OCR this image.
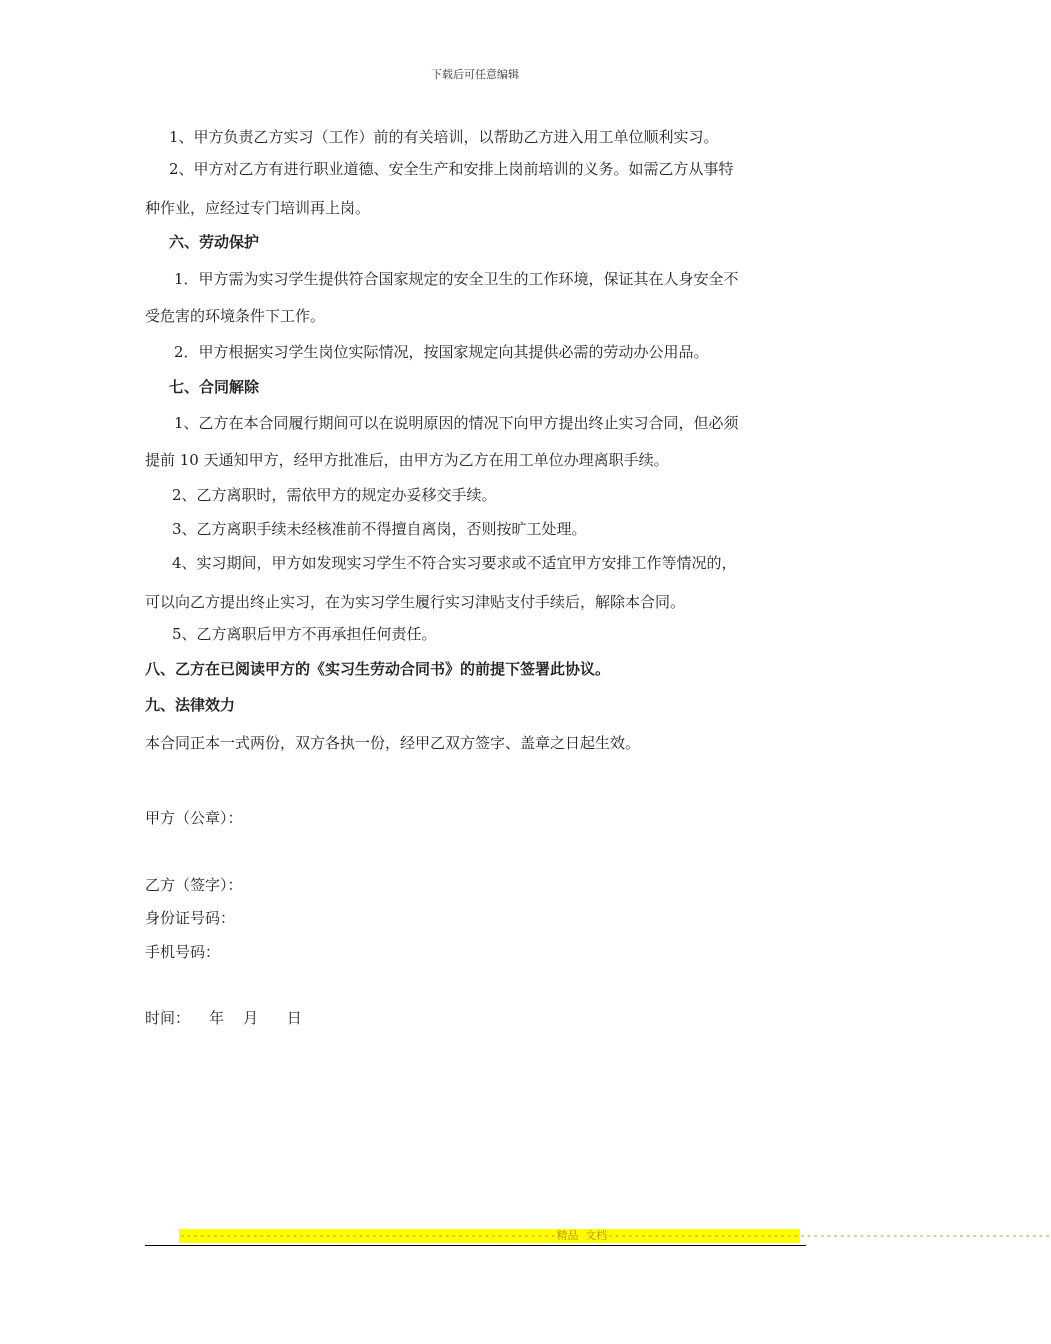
下载后可任意编辑
1、甲方负责乙方实习（工作）前的有关培训，以帮助乙方进入用工单位顺利实习。
2、甲方对乙方有进行职业道德、安全生产和安排上岗前培训的义务。如需乙方从事特
种作业，应经过专门培训再上岗。
六、劳动保护
1．甲方需为实习学生提供符合国家规定的安全卫生的工作环境，保证其在人身安全不
受危害的环境条件下工作。
2．甲方根据实习学生岗位实际情况，按国家规定向其提供必需的劳动办公用品。
七、合同解除
1、乙方在本合同履行期间可以在说明原因的情况下向甲方提出终止实习合同，但必须
提前 10 天通知甲方，经甲方批准后，由甲方为乙方在用工单位办理离职手续。
2、乙方离职时，需依甲方的规定办妥移交手续。
3、乙方离职手续未经核准前不得擅自离岗，否则按旷工处理。
4、实习期间，甲方如发现实习学生不符合实习要求或不适宜甲方安排工作等情况的，
可以向乙方提出终止实习，在为实习学生履行实习津贴支付手续后，解除本合同。
5、乙方离职后甲方不再承担任何责任。
八、乙方在已阅读甲方的《实习生劳动合同书》的前提下签署此协议。
九、法律效力
本合同正本一式两份，双方各执一份，经甲乙双方签字、盖章之日起生效。
甲方（公章）：
乙方（签字）：
身份证号码：
手机号码：
时间：    年    月      日
---------------------------------------------------------精品 文档-------------------------------------------------------------------
